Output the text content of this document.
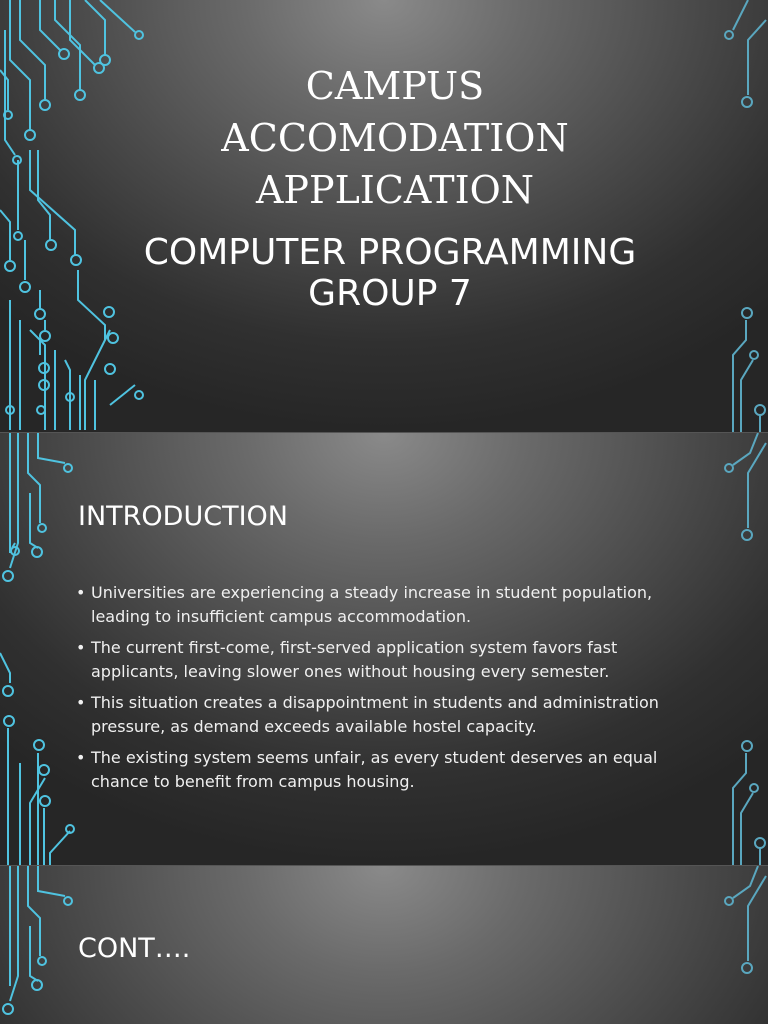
CAMPUS ACCOMODATION APPLICATION
COMPUTER PROGRAMMING GROUP 7
INTRODUCTION
• Universities are experiencing a steady increase in student population, leading to insufficient campus accommodation.
• The current first-come, first-served application system favors fast applicants, leaving slower ones without housing every semester.
• This situation creates a disappointment in students and administration pressure, as demand exceeds available hostel capacity.
• The existing system seems unfair, as every student deserves an equal chance to benefit from campus housing.
CONT….
